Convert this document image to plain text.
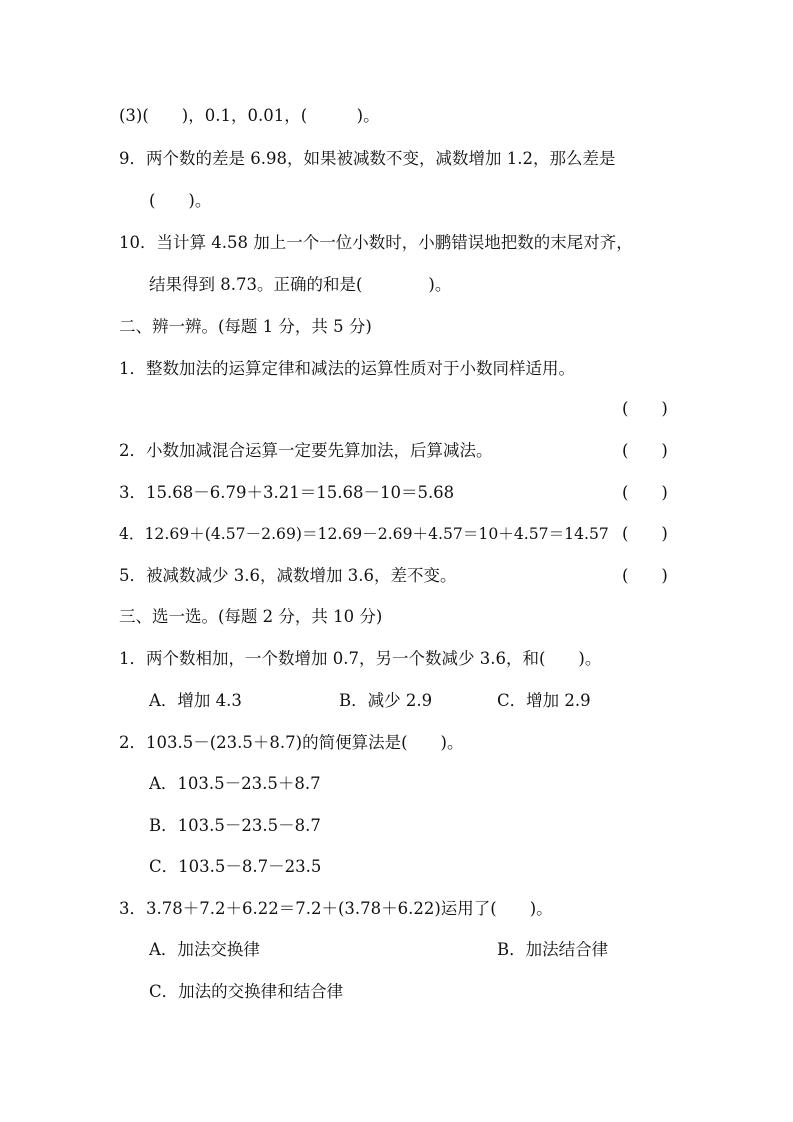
(3)(　　)，0.1，0.01，(　　　)。
9．两个数的差是 6.98，如果被减数不变，减数增加 1.2，那么差是
(　　)。
10．当计算 4.58 加上一个一位小数时，小鹏错误地把数的末尾对齐，
结果得到 8.73。正确的和是(　　　　)。
二、辨一辨。(每题 1 分，共 5 分)
1．整数加法的运算定律和减法的运算性质对于小数同样适用。
(　　)
2．小数加减混合运算一定要先算加法，后算减法。	(　　)
3．15.68－6.79＋3.21＝15.68－10＝5.68	(　　)
4．12.69＋(4.57－2.69)＝12.69－2.69＋4.57＝10＋4.57＝14.57 (　　)
5．被减数减少 3.6，减数增加 3.6，差不变。	(　　)
三、选一选。(每题 2 分，共 10 分)
1．两个数相加，一个数增加 0.7，另一个数减少 3.6，和(　　)。
A．增加 4.3	B．减少 2.9	C．增加 2.9
2．103.5－(23.5＋8.7)的简便算法是(　　)。
A．103.5－23.5＋8.7
B．103.5－23.5－8.7
C．103.5－8.7－23.5
3．3.78＋7.2＋6.22＝7.2＋(3.78＋6.22)运用了(　　)。
A．加法交换律	B．加法结合律
C．加法的交换律和结合律
